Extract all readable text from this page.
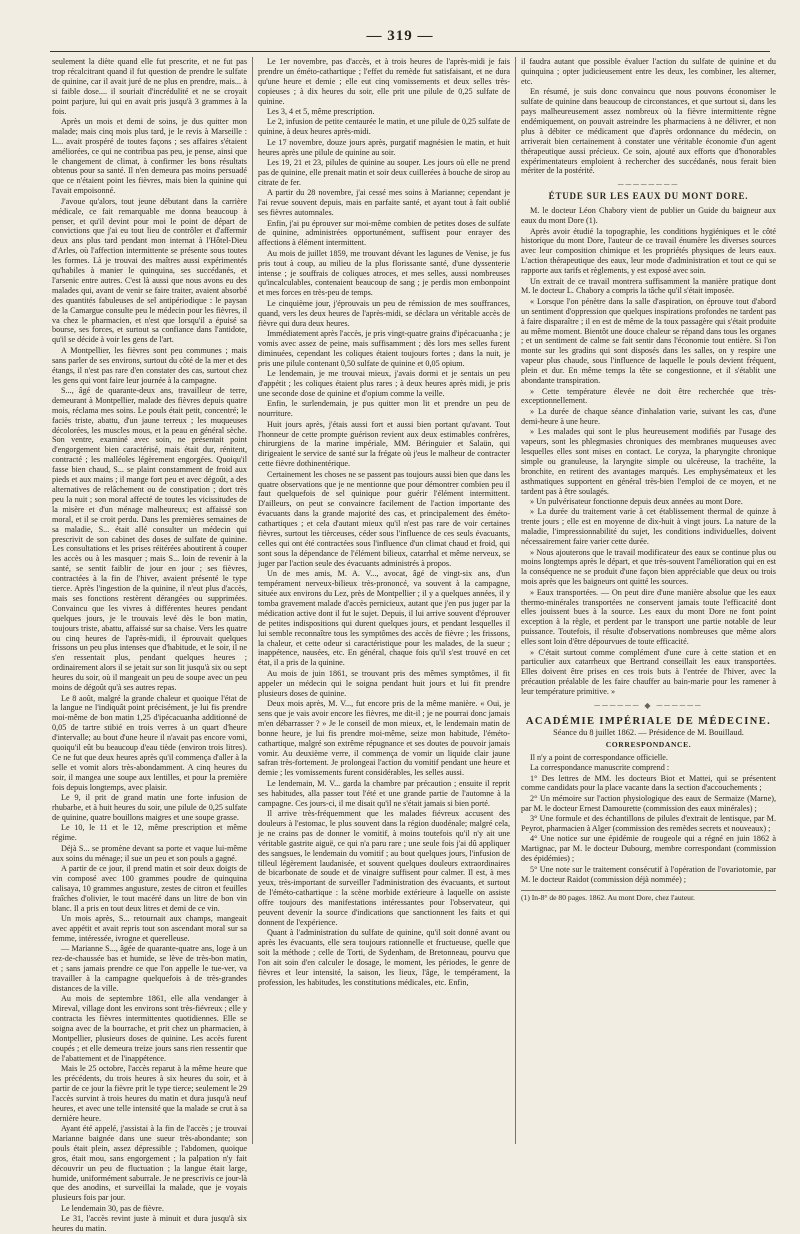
— 319 —

seulement la diète quand elle fut prescrite, et ne fut pas trop récalcitrant quand il fut question de prendre le sulfate de quinine, car il avait juré de ne plus en prendre, mais... à si faible dose.... il souriait d'incrédulité et ne se croyait point parjure, lui qui en avait pris jusqu'à 3 grammes à la fois.

Après un mois et demi de soins, je dus quitter mon malade; mais cinq mois plus tard, je le revis à Marseille : L... avait prospéré de toutes façons ; ses affaires s'étaient améliorées, ce qui ne contribua pas peu, je pense, ainsi que le changement de climat, à confirmer les bons résultats obtenus pour sa santé. Il n'en demeura pas moins persuadé que ce n'étaient point les fièvres, mais bien la quinine qui l'avait empoisonné.

J'avoue qu'alors, tout jeune débutant dans la carrière médicale, ce fait remarquable me donna beaucoup à penser, et qu'il devint pour moi le point de départ de convictions que j'ai eu tout lieu de contrôler et d'affermir deux ans plus tard pendant mon internat à l'Hôtel-Dieu d'Arles, où l'affection intermittente se présente sous toutes les formes. Là je trouvai des maîtres aussi expérimentés qu'habiles à manier le quinquina, ses succédanés, et l'arsenic entre autres. C'est là aussi que nous avons eu des malades qui, avant de venir se faire traiter, avaient absorbé des quantités fabuleuses de sel antipériodique : le paysan de la Camargue consulte peu le médecin pour les fièvres, il va chez le pharmacien, et n'est que lorsqu'il a épuisé sa bourse, ses forces, et surtout sa confiance dans l'antidote, qu'il se décide à voir les gens de l'art.

A Montpellier, les fièvres sont peu communes ; mais sans parler de ses environs, surtout du côté de la mer et des étangs, il n'est pas rare d'en constater des cas, surtout chez les gens qui vont faire leur journée à la campagne.

S..., âgé de quarante-deux ans, travailleur de terre, demeurant à Montpellier, malade des fièvres depuis quatre mois, réclama mes soins. Le pouls était petit, concentré; le faciès triste, abattu, d'un jaune terreux ; les muqueuses décolorées, les muscles mous, et la peau en général sèche. Son ventre, examiné avec soin, ne présentait point d'engorgement bien caractérisé, mais était dur, rénitent, contracté ; les malléoles légèrement engorgées. Quoiqu'il fasse bien chaud, S... se plaint constamment de froid aux pieds et aux mains ; il mange fort peu et avec dégoût, a des alternatives de relâchement ou de constipation ; dort très peu la nuit ; son moral affecté de toutes les vicissitudes de la misère et d'un ménage malheureux; est affaissé son moral, et il se croit perdu. Dans les premières semaines de sa maladie, S... était allé consulter un médecin qui prescrivit de son cabinet des doses de sulfate de quinine. Les consultations et les prises réitérées aboutirent à couper les accès ou à les masquer ; mais S... loin de revenir à la santé, se sentit faiblir de jour en jour ; ses fièvres, contractées à la fin de l'hiver, avaient présenté le type tierce. Après l'ingestion de la quinine, il n'eut plus d'accès, mais ses fonctions restèrent dérangées ou supprimées. Convaincu que les vivres à différentes heures pendant quelques jours, je le trouvais levé dès le bon matin, toujours triste, abattu, affaissé sur sa chaise. Vers les quatre ou cinq heures de l'après-midi, il éprouvait quelques frissons un peu plus intenses que d'habitude, et le soir, il ne s'en ressentait plus, pendant quelques heures ; ordinairement alors il se jetait sur son lit jusqu'à six ou sept heures du soir, où il mangeait un peu de soupe avec un peu moins de dégoût qu'à ses autres repas.

Le 8 août, malgré la grande chaleur et quoique l'état de la langue ne l'indiquât point précisément, je lui fis prendre moi-même de bon matin 1,25 d'ipécacuanha additionné de 0,05 de tartre stibié en trois verres à un quart d'heure d'intervalle; au bout d'une heure il n'avait pas encore vomi, quoiqu'il eût bu beaucoup d'eau tiède (environ trois litres). Ce ne fut que deux heures après qu'il commença d'aller à la selle et vomit alors très-abondamment. A cinq heures du soir, il mangea une soupe aux lentilles, et pour la première fois depuis longtemps, avec plaisir.

Le 9, il prit de grand matin une forte infusion de rhubarbe, et à huit heures du soir, une pilule de 0,25 sulfate de quinine, quatre bouillons maigres et une soupe grasse.

Le 10, le 11 et le 12, même prescription et même régime.

Déjà S... se promène devant sa porte et vaque lui-même aux soins du ménage; il sue un peu et son pouls a gagné.

A partir de ce jour, il prend matin et soir deux doigts de vin composé avec 100 grammes poudre de quinquina calisaya, 10 grammes angusture, zestes de citron et feuilles fraîches d'olivier, le tout macéré dans un litre de bon vin blanc. Il a pris en tout deux litres et demi de ce vin.

Un mois après, S... retournait aux champs, mangeait avec appétit et avait repris tout son ascendant moral sur sa femme, intéressée, ivrogne et querelleuse.

— Marianne S..., âgée de quarante-quatre ans, loge à un rez-de-chaussée bas et humide, se lève de très-bon matin, et ; sans jamais prendre ce que l'on appelle le tue-ver, va travailler à la campagne quelquefois à de très-grandes distances de la ville.

Au mois de septembre 1861, elle alla vendanger à Mireval, village dont les environs sont très-fiévreux ; elle y contracta les fièvres intermittentes quotidiennes. Elle se soigna avec de la bourrache, et prit chez un pharmacien, à Montpellier, plusieurs doses de quinine. Les accès furent coupés ; et elle demeura treize jours sans rien ressentir que de l'abattement et de l'inappétence.

Mais le 25 octobre, l'accès reparut à la même heure que les précédents, du trois heures à six heures du soir, et à partir de ce jour la fièvre prit le type tierce; seulement le 29 l'accès survint à trois heures du matin et dura jusqu'à neuf heures, et avec une telle intensité que la malade se crut à sa dernière heure.

Ayant été appelé, j'assistai à la fin de l'accès ; je trouvai Marianne baignée dans une sueur très-abondante; son pouls était plein, assez dépressible ; l'abdomen, quoique gros, était mou, sans engorgement ; la palpation n'y fait découvrir un peu de fluctuation ; la langue était large, humide, uniformément saburrale. Je ne prescrivis ce jour-là que des anodins, et surveillai la malade, que je voyais plusieurs fois par jour.

Le lendemain 30, pas de fièvre.

Le 31, l'accès revint juste à minuit et dura jusqu'à six heures du matin.

Le 1er novembre, pas d'accès, et à trois heures de l'après-midi je fais prendre un éméto-cathartique ; l'effet du remède fut satisfaisant, et ne dura qu'une heure et demie ; elle eut cinq vomissements et deux selles très-copieuses ; à dix heures du soir, elle prit une pilule de 0,25 sulfate de quinine.

Les 3, 4 et 5, même prescription.

Le 2, infusion de petite centaurée le matin, et une pilule de 0,25 sulfate de quinine, à deux heures après-midi.

Le 17 novembre, douze jours après, purgatif magnésien le matin, et huit heures après une pilule de quinine au soir.

Les 19, 21 et 23, pilules de quinine au souper. Les jours où elle ne prend pas de quinine, elle prenait matin et soir deux cuillerées à bouche de sirop au citrate de fer.

A partir du 28 novembre, j'ai cessé mes soins à Marianne; cependant je l'ai revue souvent depuis, mais en parfaite santé, et ayant tout à fait oublié ses fièvres automnales.

Enfin, j'ai pu éprouver sur moi-même combien de petites doses de sulfate de quinine, administrées opportunément, suffisent pour enrayer des affections à élément intermittent.

Au mois de juillet 1859, me trouvant dévant les lagunes de Venise, je fus pris tout à coup, au milieu de la plus florissante santé, d'une dyssenterie intense ; je souffrais de coliques atroces, et mes selles, aussi nombreuses qu'incalculables, contenaient beaucoup de sang ; je perdis mon embonpoint et mes forces en très-peu de temps.

Le cinquième jour, j'éprouvais un peu de rémission de mes souffrances, quand, vers les deux heures de l'après-midi, se déclara un véritable accès de fièvre qui dura deux heures.

Immédiatement après l'accès, je pris vingt-quatre grains d'ipécacuanha ; je vomis avec assez de peine, mais suffisamment ; dès lors mes selles furent diminuées, cependant les coliques étaient toujours fortes ; dans la nuit, je pris une pilule contenant 0,50 sulfate de quinine et 0,05 opium.

Le lendemain, je me trouvai mieux, j'avais dormi et je sentais un peu d'appétit ; les coliques étaient plus rares ; à deux heures après midi, je pris une seconde dose de quinine et d'opium comme la veille.

Enfin, le surlendemain, je pus quitter mon lit et prendre un peu de nourriture.

Huit jours après, j'étais aussi fort et aussi bien portant qu'avant. Tout l'honneur de cette prompte guérison revient aux deux estimables confrères, chirurgiens de la marine impériale, MM. Béringuier et Salaün, qui dirigeaient le service de santé sur la frégate où j'eus le malheur de contracter cette fièvre dothinentérique.

Certainement les choses ne se passent pas toujours aussi bien que dans les quatre observations que je ne mentionne que pour démontrer combien peu il faut quelquefois de sel quinique pour guérir l'élément intermittent. D'ailleurs, on peut se convaincre facilement de l'action importante des évacuants dans la grande majorité des cas, et principalement des éméto-cathartiques ; et cela d'autant mieux qu'il n'est pas rare de voir certaines fièvres, surtout les tièrceuses, céder sous l'influence de ces seuls évacuants, celles qui ont été contractées sous l'influence d'un climat chaud et froid, qui sont sous la dépendance de l'élément bilieux, catarrhal et même nerveux, se juger par l'action seule des évacuants administrés à propos.

Un de mes amis, M. A. V..., avocat, âgé de vingt-six ans, d'un tempérament nerveux-bilieux très-prononcé, va souvent à la campagne, située aux environs du Lez, près de Montpellier ; il y a quelques années, il y tomba gravement malade d'accès pernicieux, autant que j'en pus juger par la médication active dont il fut le sujet. Depuis, il lui arrive souvent d'éprouver de petites indispositions qui durent quelques jours, et pendant lesquelles il lui semble reconnaître tous les symptômes des accès de fièvre ; les frissons, la chaleur, et cette odeur si caractéristique pour les malades, de la sueur ; inappétence, nausées, etc. En général, chaque fois qu'il s'est trouvé en cet état, il a pris de la quinine.

Au mois de juin 1861, se trouvant pris des mêmes symptômes, il fit appeler un médecin qui le soigna pendant huit jours et lui fit prendre plusieurs doses de quinine.

Deux mois après, M. V..., fut encore pris de la même manière. « Oui, je sens que je vais avoir encore les fièvres, me dit-il ; je ne pourrai donc jamais m'en débarrasser ? » Je le conseil de mon mieux, et, le lendemain matin de bonne heure, je lui fis prendre moi-même, seize mon habitude, l'éméto-cathartique, malgré son extrême répugnance et ses doutes de pouvoir jamais vomir. Au deuxième verre, il commença de vomir un liquide clair jaune safran très-fortement. Je prolongeai l'action du vomitif pendant une heure et demie ; les vomissements furent considérables, les selles aussi.

Le lendemain, M. V... garda la chambre par précaution ; ensuite il reprit ses habitudes, alla passer tout l'été et une grande partie de l'automne à la campagne. Ces jours-ci, il me disait qu'il ne s'était jamais si bien porté.

Il arrive très-fréquemment que les malades fiévreux accusent des douleurs à l'estomac, le plus souvent dans la région duodénale; malgré cela, je ne crains pas de donner le vomitif, à moins toutefois qu'il n'y ait une véritable gastrite aiguë, ce qui n'a paru rare ; une seule fois j'ai dû appliquer des sangsues, le lendemain du vomitif ; au bout quelques jours, l'infusion de tilleul légèrement laudanisée, et souvent quelques douleurs extraordinaires de bicarbonate de soude et de vinaigre suffisent pour calmer. Il est, à mes yeux, très-important de surveiller l'administration des évacuants, et surtout de l'éméto-cathartique : la scène morbide extérieure à laquelle on assiste offre toujours des manifestations intéressantes pour l'observateur, qui peuvent devenir la source d'indications que sanctionnent les faits et qui donnent de l'expérience.

Quant à l'administration du sulfate de quinine, qu'il soit donné avant ou après les évacuants, elle sera toujours rationnelle et fructueuse, quelle que soit la méthode ; celle de Torti, de Sydenham, de Bretonneau, pourvu que l'on ait soin d'en calculer le dosage, le moment, les périodes, le genre de fièvres et leur intensité, la saison, les lieux, l'âge, le tempérament, la profession, les habitudes, les constitutions médicales, etc. Enfin,

il faudra autant que possible évaluer l'action du sulfate de quinine et du quinquina ; opter judicieusement entre les deux, les combiner, les alterner, etc.

En résumé, je suis donc convaincu que nous pouvons économiser le sulfate de quinine dans beaucoup de circonstances, et que surtout si, dans les pays malheureusement assez nombreux où la fièvre intermittente règne endémiquement, on pouvait astreindre les pharmaciens à ne délivrer, et non plus à débiter ce médicament que d'après ordonnance du médecin, on arriverait bien certainement à constater une véritable économie d'un agent thérapeutique aussi précieux. Ce soin, ajouté aux efforts que d'honorables expérimentateurs emploient à rechercher des succédanés, nous ferait bien mériter de la postérité.

────────
ÉTUDE SUR LES EAUX DU MONT DORE.

M. le docteur Léon Chabory vient de publier un Guide du baigneur aux eaux du mont Dore (1).

Après avoir étudié la topographie, les conditions hygiéniques et le côté historique du mont Dore, l'auteur de ce travail énumère les diverses sources avec leur composition chimique et les propriétés physiques de leurs eaux. L'action thérapeutique des eaux, leur mode d'administration et tout ce qui se rapporte aux tarifs et règlements, y est exposé avec soin.

Un extrait de ce travail montrera suffisamment la manière pratique dont M. le docteur L. Chabory a compris la tâche qu'il s'était imposée.

« Lorsque l'on pénètre dans la salle d'aspiration, on éprouve tout d'abord un sentiment d'oppression que quelques inspirations profondes ne tardent pas à faire disparaître ; il en est de même de la toux passagère qui s'était produite au même moment. Bientôt une douce chaleur se répand dans tous les organes ; et un sentiment de calme se fait sentir dans l'économie tout entière. Si l'on monte sur les gradins qui sont disposés dans les salles, on y respire une vapeur plus chaude, sous l'influence de laquelle le pouls devient fréquent, plein et dur. En même temps la tête se congestionne, et il s'établit une abondante transpiration.

» Cette température élevée ne doit être recherchée que très-exceptionnellement.

» La durée de chaque séance d'inhalation varie, suivant les cas, d'une demi-heure à une heure.

» Les malades qui sont le plus heureusement modifiés par l'usage des vapeurs, sont les phlegmasies chroniques des membranes muqueuses avec lesquelles elles sont mises en contact. Le coryza, la pharyngite chronique simple ou granuleuse, la laryngite simple ou ulcéreuse, la trachéite, la bronchite, en retirent des avantages marqués. Les emphysémateux et les asthmatiques supportent en général très-bien l'emploi de ce moyen, et ne tardent pas à être soulagés.

» Un pulvérisateur fonctionne depuis deux années au mont Dore.

» La durée du traitement varie à cet établissement thermal de quinze à trente jours ; elle est en moyenne de dix-huit à vingt jours. La nature de la maladie, l'impressionnabilité du sujet, les conditions individuelles, doivent nécessairement faire varier cette durée.

» Nous ajouterons que le travail modificateur des eaux se continue plus ou moins longtemps après le départ, et que très-souvent l'amélioration qui en est la conséquence ne se produit d'une façon bien appréciable que deux ou trois mois après que les baigneurs ont quitté les sources.

» Eaux transportées. — On peut dire d'une manière absolue que les eaux thermo-minérales transportées ne conservent jamais toute l'efficacité dont elles jouissent bues à la source. Les eaux du mont Dore ne font point exception à la règle, et perdent par le transport une partie notable de leur puissance. Toutefois, il résulte d'observations nombreuses que même alors elles sont loin d'être dépourvues de toute efficacité.

» C'était surtout comme complément d'une cure à cette station et en particulier aux catarrheux que Bertrand conseillait les eaux transportées. Elles doivent être prises en ces trois buts à l'entrée de l'hiver, avec la précaution préalable de les faire chauffer au bain-marie pour les ramener à leur température primitive. »

────── ◆ ──────
ACADÉMIE IMPÉRIALE DE MÉDECINE.
Séance du 8 juillet 1862. — Présidence de M. Bouillaud.
CORRESPONDANCE.

Il n'y a point de correspondance officielle.

La correspondance manuscrite comprend :

1° Des lettres de MM. les docteurs Biot et Mattei, qui se présentent comme candidats pour la place vacante dans la section d'accouchements ;

2° Un mémoire sur l'action physiologique des eaux de Sermaize (Marne), par M. le docteur Ernest Damourette (commission des eaux minérales) ;

3° Une formule et des échantillons de pilules d'extrait de lentisque, par M. Peyrot, pharmacien à Alger (commission des remèdes secrets et nouveaux) ;

4° Une notice sur une épidémie de rougeole qui a régné en juin 1862 à Martignac, par M. le docteur Dubourg, membre correspondant (commission des épidémies) ;

5° Une note sur le traitement consécutif à l'opération de l'ovariotomie, par M. le docteur Raidot (commission déjà nommée) ;

(1) In-8° de 80 pages. 1862. Au mont Dore, chez l'auteur.
